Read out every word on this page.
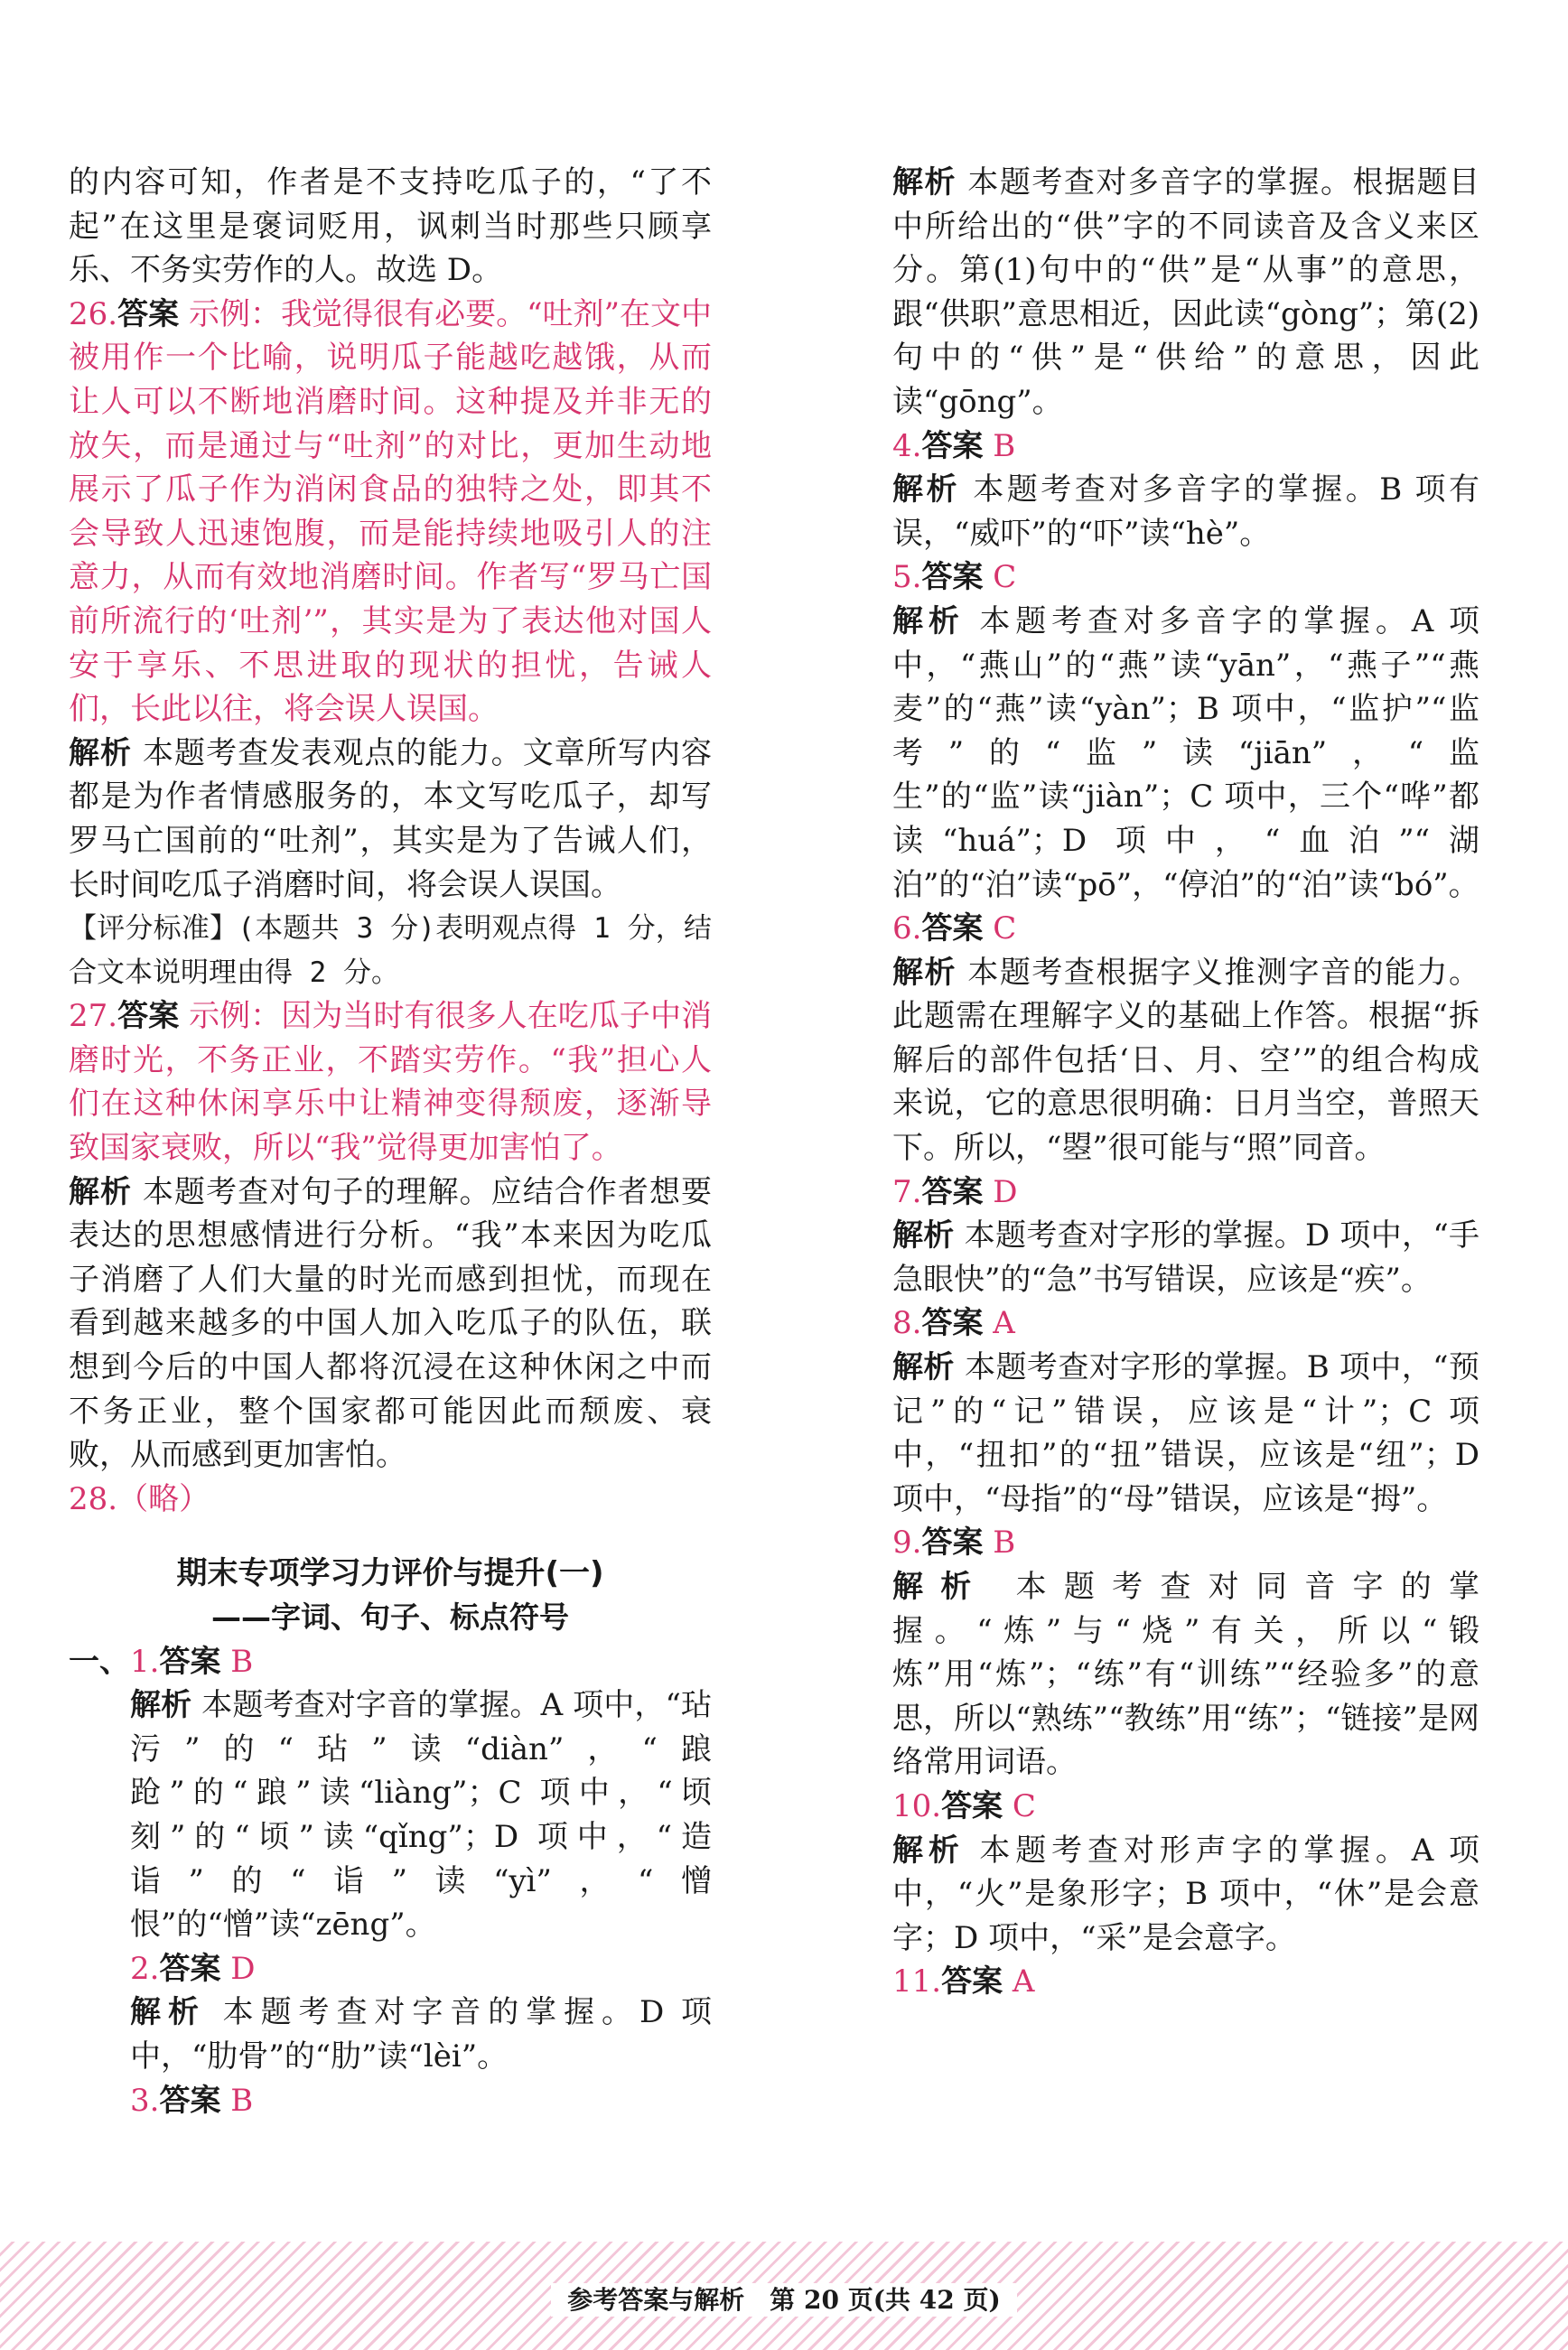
的内容可知，作者是不支持吃瓜子的，“了不起”在这里是褒词贬用，讽刺当时那些只顾享乐、不务实劳作的人。故选 D。

26.答案 示例：我觉得很有必要。“吐剂”在文中被用作一个比喻，说明瓜子能越吃越饿，从而让人可以不断地消磨时间。这种提及并非无的放矢，而是通过与“吐剂”的对比，更加生动地展示了瓜子作为消闲食品的独特之处，即其不会导致人迅速饱腹，而是能持续地吸引人的注意力，从而有效地消磨时间。作者写“罗马亡国前所流行的‘吐剂’”，其实是为了表达他对国人安于享乐、不思进取的现状的担忧，告诫人们，长此以往，将会误人误国。

解析 本题考查发表观点的能力。文章所写内容都是为作者情感服务的，本文写吃瓜子，却写罗马亡国前的“吐剂”，其实是为了告诫人们，长时间吃瓜子消磨时间，将会误人误国。

【评分标准】(本题共 3 分)表明观点得 1 分，结合文本说明理由得 2 分。

27.答案 示例：因为当时有很多人在吃瓜子中消磨时光，不务正业，不踏实劳作。“我”担心人们在这种休闲享乐中让精神变得颓废，逐渐导致国家衰败，所以“我”觉得更加害怕了。

解析 本题考查对句子的理解。应结合作者想要表达的思想感情进行分析。“我”本来因为吃瓜子消磨了人们大量的时光而感到担忧，而现在看到越来越多的中国人加入吃瓜子的队伍，联想到今后的中国人都将沉浸在这种休闲之中而不务正业，整个国家都可能因此而颓废、衰败，从而感到更加害怕。

28.（略）

期末专项学习力评价与提升(一)
——字词、句子、标点符号

一、1.答案 B

解析 本题考查对字音的掌握。A 项中，“玷污”的“玷”读“diàn”，“踉跄”的“踉”读“liàng”；C 项中，“顷刻”的“顷”读“qǐng”；D 项中，“造诣”的“诣”读“yì”，“憎恨”的“憎”读“zēng”。

2.答案 D

解析 本题考查对字音的掌握。D 项中，“肋骨”的“肋”读“lèi”。

3.答案 B

解析 本题考查对多音字的掌握。根据题目中所给出的“供”字的不同读音及含义来区分。第(1)句中的“供”是“从事”的意思，跟“供职”意思相近，因此读“gòng”；第(2)句中的“供”是“供给”的意思，因此读“gōng”。

4.答案 B

解析 本题考查对多音字的掌握。B 项有误，“威吓”的“吓”读“hè”。

5.答案 C

解析 本题考查对多音字的掌握。A 项中，“燕山”的“燕”读“yān”，“燕子”“燕麦”的“燕”读“yàn”；B 项中，“监护”“监考”的“监”读“jiān”，“监生”的“监”读“jiàn”；C 项中，三个“哗”都读“huá”；D 项中，“血泊”“湖泊”的“泊”读“pō”，“停泊”的“泊”读“bó”。

6.答案 C

解析 本题考查根据字义推测字音的能力。此题需在理解字义的基础上作答。根据“拆解后的部件包括‘日、月、空’”的组合构成来说，它的意思很明确：日月当空，普照天下。所以，“曌”很可能与“照”同音。

7.答案 D

解析 本题考查对字形的掌握。D 项中，“手急眼快”的“急”书写错误，应该是“疾”。

8.答案 A

解析 本题考查对字形的掌握。B 项中，“预记”的“记”错误，应该是“计”；C 项中，“扭扣”的“扭”错误，应该是“纽”；D 项中，“母指”的“母”错误，应该是“拇”。

9.答案 B

解析 本题考查对同音字的掌握。“炼”与“烧”有关，所以“锻炼”用“炼”；“练”有“训练”“经验多”的意思，所以“熟练”“教练”用“练”；“链接”是网络常用词语。

10.答案 C

解析 本题考查对形声字的掌握。A 项中，“火”是象形字；B 项中，“休”是会意字；D 项中，“采”是会意字。

11.答案 A

参考答案与解析　第 20 页(共 42 页)
